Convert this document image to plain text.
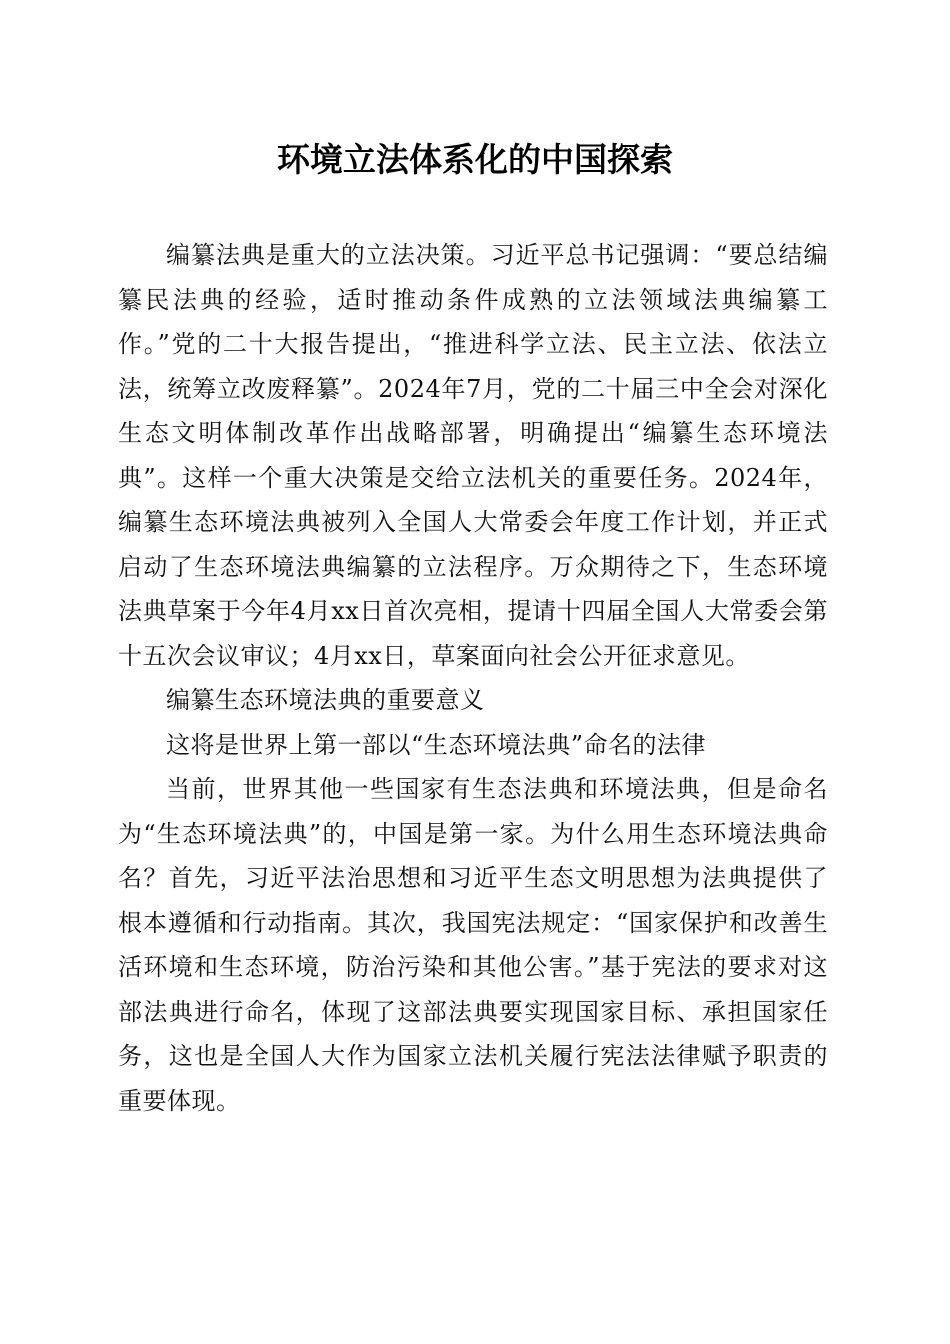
环境立法体系化的中国探索

编纂法典是重大的立法决策。习近平总书记强调：“要总结编纂民法典的经验，适时推动条件成熟的立法领域法典编纂工作。”党的二十大报告提出，“推进科学立法、民主立法、依法立法，统筹立改废释纂”。2024年7月，党的二十届三中全会对深化生态文明体制改革作出战略部署，明确提出“编纂生态环境法典”。这样一个重大决策是交给立法机关的重要任务。2024年，编纂生态环境法典被列入全国人大常委会年度工作计划，并正式启动了生态环境法典编纂的立法程序。万众期待之下，生态环境法典草案于今年4月xx日首次亮相，提请十四届全国人大常委会第十五次会议审议；4月xx日，草案面向社会公开征求意见。

编纂生态环境法典的重要意义

这将是世界上第一部以“生态环境法典”命名的法律

当前，世界其他一些国家有生态法典和环境法典，但是命名为“生态环境法典”的，中国是第一家。为什么用生态环境法典命名？首先，习近平法治思想和习近平生态文明思想为法典提供了根本遵循和行动指南。其次，我国宪法规定：“国家保护和改善生活环境和生态环境，防治污染和其他公害。”基于宪法的要求对这部法典进行命名，体现了这部法典要实现国家目标、承担国家任务，这也是全国人大作为国家立法机关履行宪法法律赋予职责的重要体现。
